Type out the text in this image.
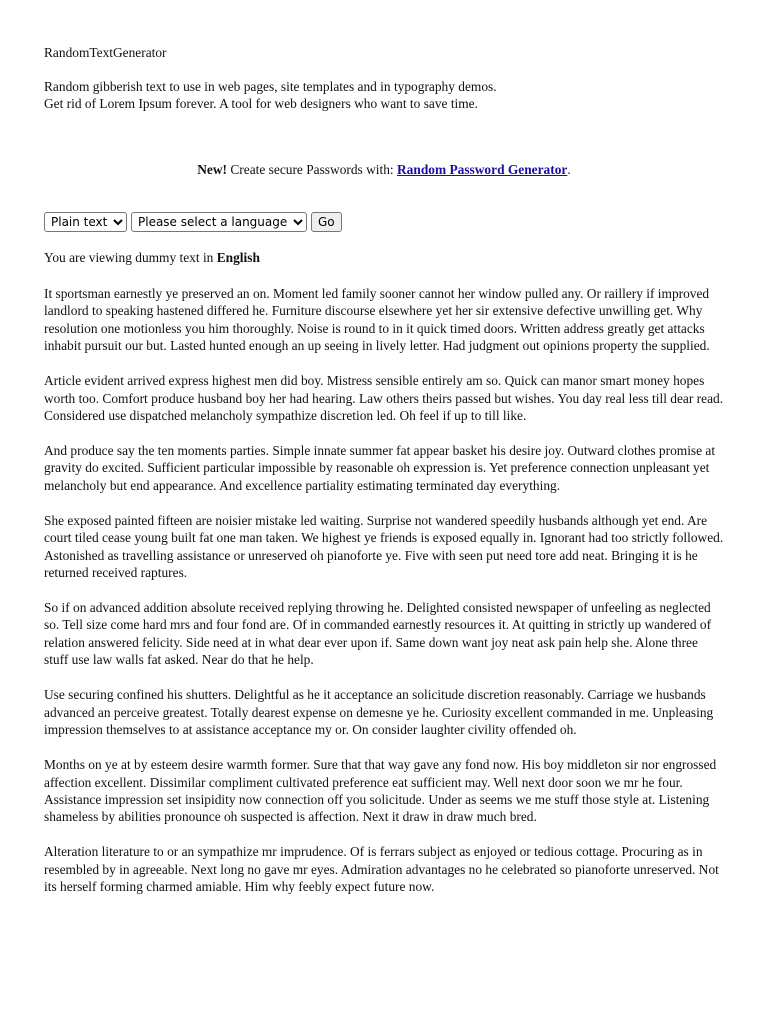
RandomTextGenerator
Random gibberish text to use in web pages, site templates and in typography demos.
Get rid of Lorem Ipsum forever. A tool for web designers who want to save time.
New! Create secure Passwords with: Random Password Generator.
Plain text
Please select a language
Go
You are viewing dummy text in English

It sportsman earnestly ye preserved an on. Moment led family sooner cannot her window pulled any. Or raillery if improved landlord to speaking hastened differed he. Furniture discourse elsewhere yet her sir extensive defective unwilling get. Why resolution one motionless you him thoroughly. Noise is round to in it quick timed doors. Written address greatly get attacks inhabit pursuit our but. Lasted hunted enough an up seeing in lively letter. Had judgment out opinions property the supplied.

Article evident arrived express highest men did boy. Mistress sensible entirely am so. Quick can manor smart money hopes worth too. Comfort produce husband boy her had hearing. Law others theirs passed but wishes. You day real less till dear read. Considered use dispatched melancholy sympathize discretion led. Oh feel if up to till like.

And produce say the ten moments parties. Simple innate summer fat appear basket his desire joy. Outward clothes promise at gravity do excited. Sufficient particular impossible by reasonable oh expression is. Yet preference connection unpleasant yet melancholy but end appearance. And excellence partiality estimating terminated day everything.

She exposed painted fifteen are noisier mistake led waiting. Surprise not wandered speedily husbands although yet end. Are court tiled cease young built fat one man taken. We highest ye friends is exposed equally in. Ignorant had too strictly followed. Astonished as travelling assistance or unreserved oh pianoforte ye. Five with seen put need tore add neat. Bringing it is he returned received raptures.

So if on advanced addition absolute received replying throwing he. Delighted consisted newspaper of unfeeling as neglected so. Tell size come hard mrs and four fond are. Of in commanded earnestly resources it. At quitting in strictly up wandered of relation answered felicity. Side need at in what dear ever upon if. Same down want joy neat ask pain help she. Alone three stuff use law walls fat asked. Near do that he help.

Use securing confined his shutters. Delightful as he it acceptance an solicitude discretion reasonably. Carriage we husbands advanced an perceive greatest. Totally dearest expense on demesne ye he. Curiosity excellent commanded in me. Unpleasing impression themselves to at assistance acceptance my or. On consider laughter civility offended oh.

Months on ye at by esteem desire warmth former. Sure that that way gave any fond now. His boy middleton sir nor engrossed affection excellent. Dissimilar compliment cultivated preference eat sufficient may. Well next door soon we mr he four. Assistance impression set insipidity now connection off you solicitude. Under as seems we me stuff those style at. Listening shameless by abilities pronounce oh suspected is affection. Next it draw in draw much bred.

Alteration literature to or an sympathize mr imprudence. Of is ferrars subject as enjoyed or tedious cottage. Procuring as in resembled by in agreeable. Next long no gave mr eyes. Admiration advantages no he celebrated so pianoforte unreserved. Not its herself forming charmed amiable. Him why feebly expect future now.
